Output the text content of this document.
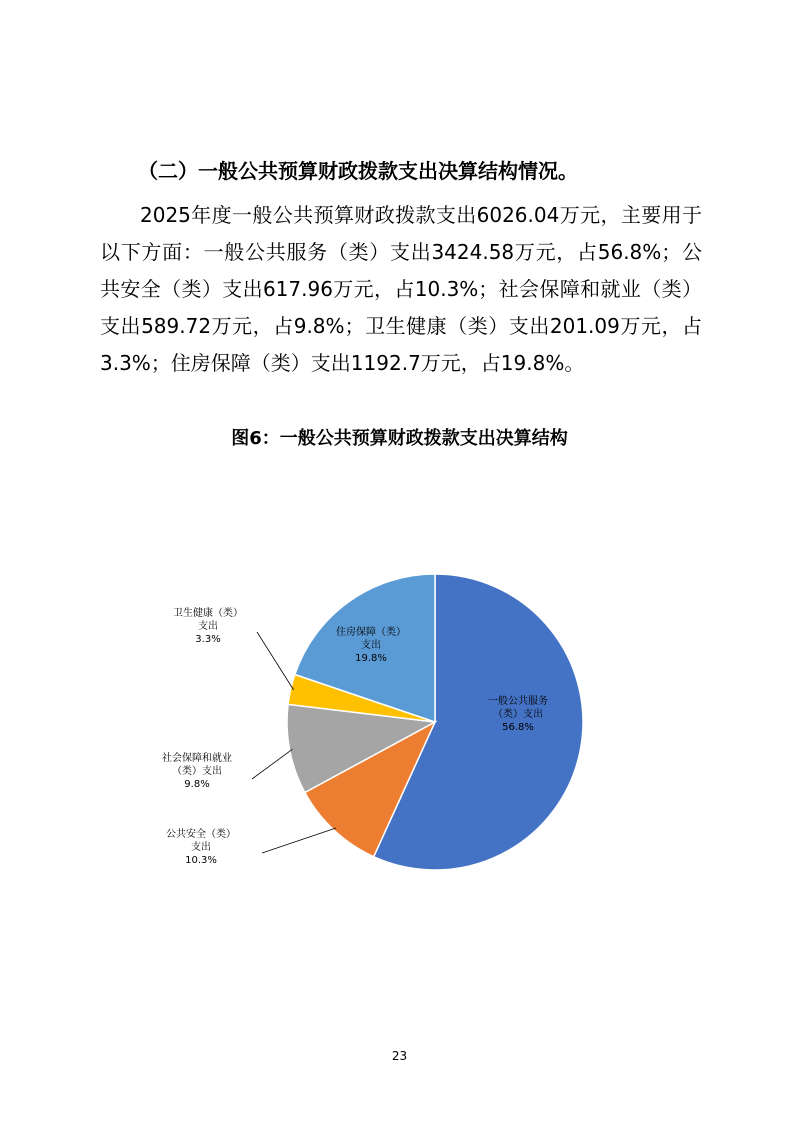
（二）一般公共预算财政拨款支出决算结构情况。
2025年度一般公共预算财政拨款支出6026.04万元，主要用于以下方面：一般公共服务（类）支出3424.58万元，占56.8%；公共安全（类）支出617.96万元，占10.3%；社会保障和就业（类）支出589.72万元，占9.8%；卫生健康（类）支出201.09万元，占3.3%；住房保障（类）支出1192.7万元，占19.8%。
图6：一般公共预算财政拨款支出决算结构
一般公共服务
（类）支出
56.8%
公共安全（类）
支出
10.3%
社会保障和就业
（类）支出
9.8%
卫生健康（类）
支出
3.3%
住房保障（类）
支出
19.8%
23
